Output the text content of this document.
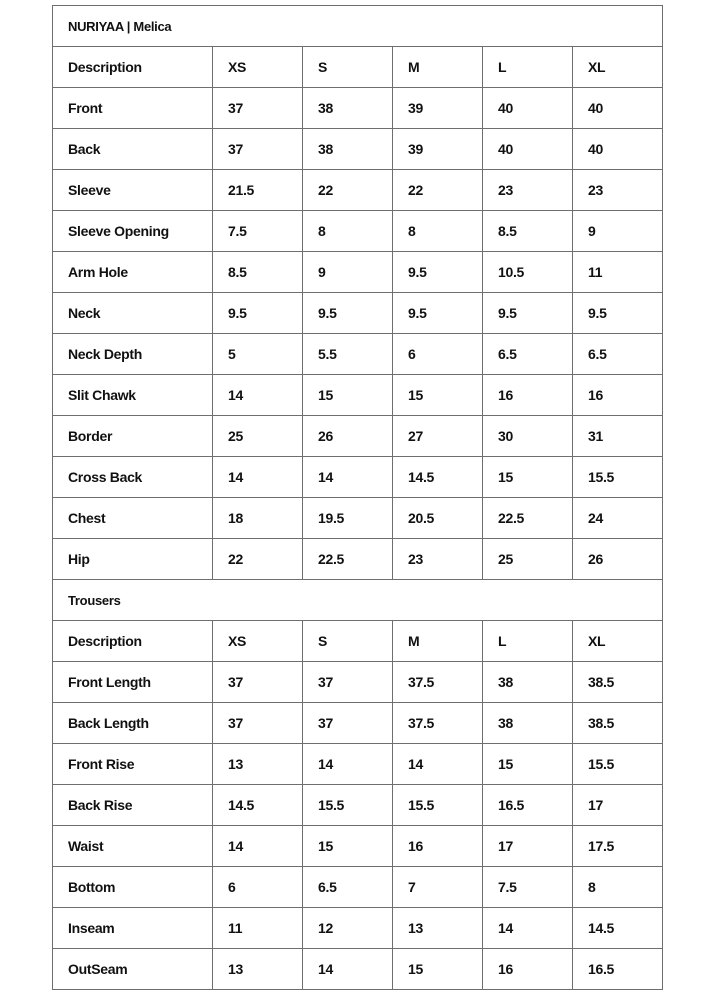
NURIYAA | Melica					
Description	XS	S	M	L	XL
Front	37	38	39	40	40
Back	37	38	39	40	40
Sleeve	21.5	22	22	23	23
Sleeve Opening	7.5	8	8	8.5	9
Arm Hole	8.5	9	9.5	10.5	11
Neck	9.5	9.5	9.5	9.5	9.5
Neck Depth	5	5.5	6	6.5	6.5
Slit Chawk	14	15	15	16	16
Border	25	26	27	30	31
Cross Back	14	14	14.5	15	15.5
Chest	18	19.5	20.5	22.5	24
Hip	22	22.5	23	25	26
Trousers					
Description	XS	S	M	L	XL
Front Length	37	37	37.5	38	38.5
Back Length	37	37	37.5	38	38.5
Front Rise	13	14	14	15	15.5
Back Rise	14.5	15.5	15.5	16.5	17
Waist	14	15	16	17	17.5
Bottom	6	6.5	7	7.5	8
Inseam	11	12	13	14	14.5
OutSeam	13	14	15	16	16.5
